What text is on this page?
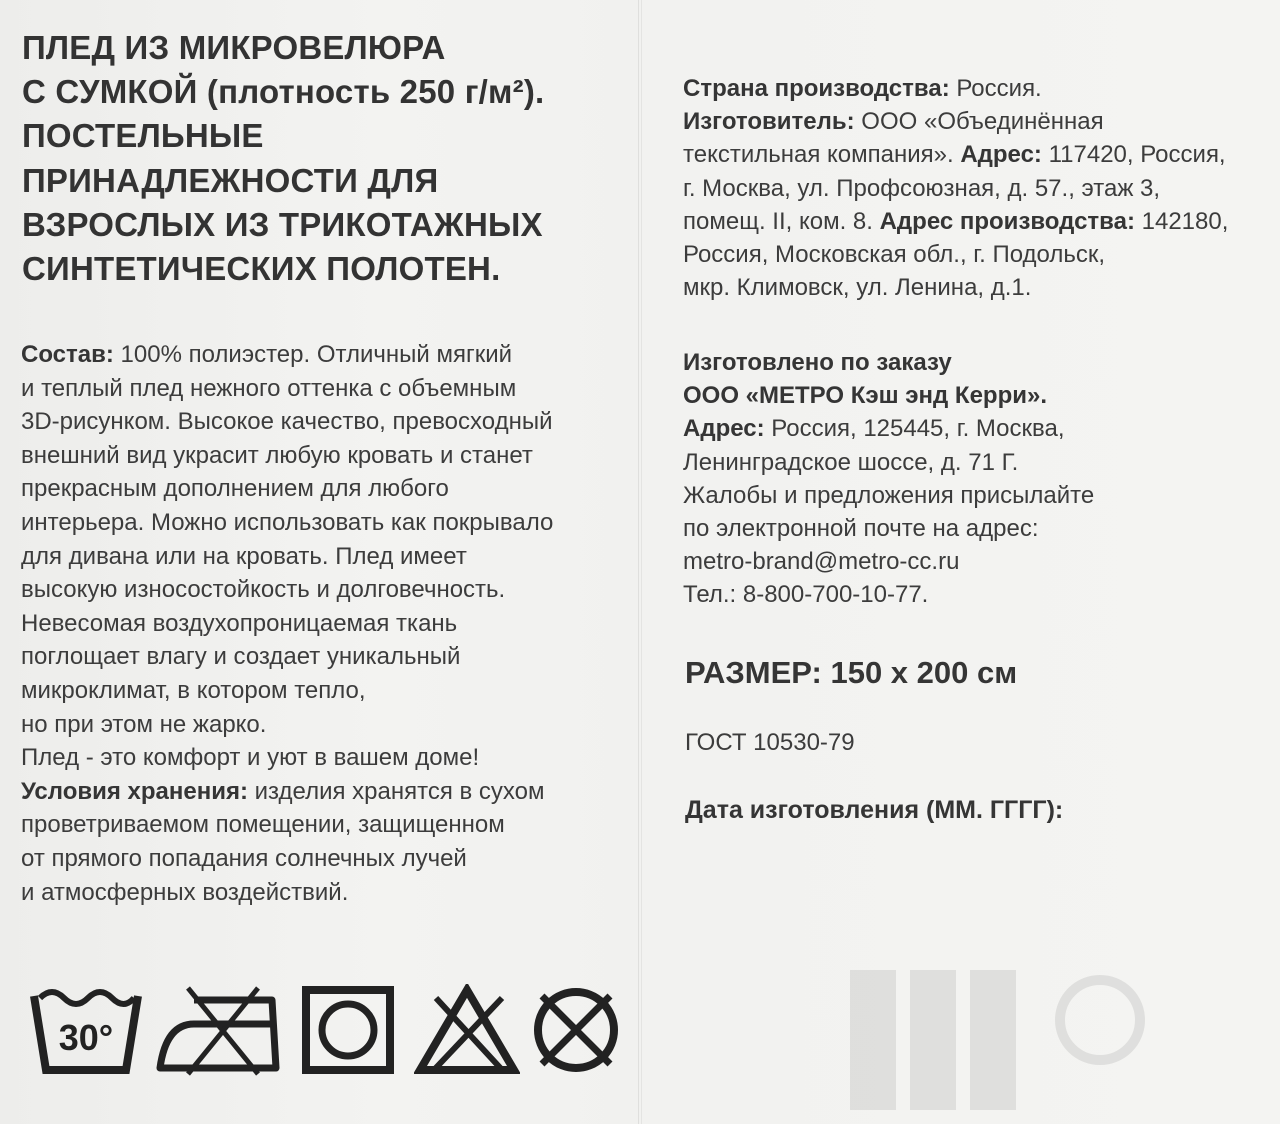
ПЛЕД ИЗ МИКРОВЕЛЮРА
С СУМКОЙ (плотность 250 г/м²).
ПОСТЕЛЬНЫЕ
ПРИНАДЛЕЖНОСТИ ДЛЯ
ВЗРОСЛЫХ ИЗ ТРИКОТАЖНЫХ
СИНТЕТИЧЕСКИХ ПОЛОТЕН.
Состав: 100% полиэстер. Отличный мягкий
и теплый плед нежного оттенка с объемным
3D-рисунком. Высокое качество, превосходный
внешний вид украсит любую кровать и станет
прекрасным дополнением для любого
интерьера. Можно использовать как покрывало
для дивана или на кровать. Плед имеет
высокую износостойкость и долговечность.
Невесомая воздухопроницаемая ткань
поглощает влагу и создает уникальный
микроклимат, в котором тепло,
но при этом не жарко.
Плед - это комфорт и уют в вашем доме!
Условия хранения: изделия хранятся в сухом
проветриваемом помещении, защищенном
от прямого попадания солнечных лучей
и атмосферных воздействий.
Страна производства: Россия.
Изготовитель: ООО «Объединённая
текстильная компания». Адрес: 117420, Россия,
г. Москва, ул. Профсоюзная, д. 57., этаж 3,
помещ. II, ком. 8. Адрес производства: 142180,
Россия, Московская обл., г. Подольск,
мкр. Климовск, ул. Ленина, д.1.
Изготовлено по заказу
ООО «МЕТРО Кэш энд Керри».
Адрес: Россия, 125445, г. Москва,
Ленинградское шоссе, д. 71 Г.
Жалобы и предложения присылайте
по электронной почте на адрес:
metro-brand@metro-cc.ru
Тел.: 8-800-700-10-77.
РАЗМЕР: 150 х 200 см
ГОСТ 10530-79
Дата изготовления (ММ. ГГГГ):
30°
